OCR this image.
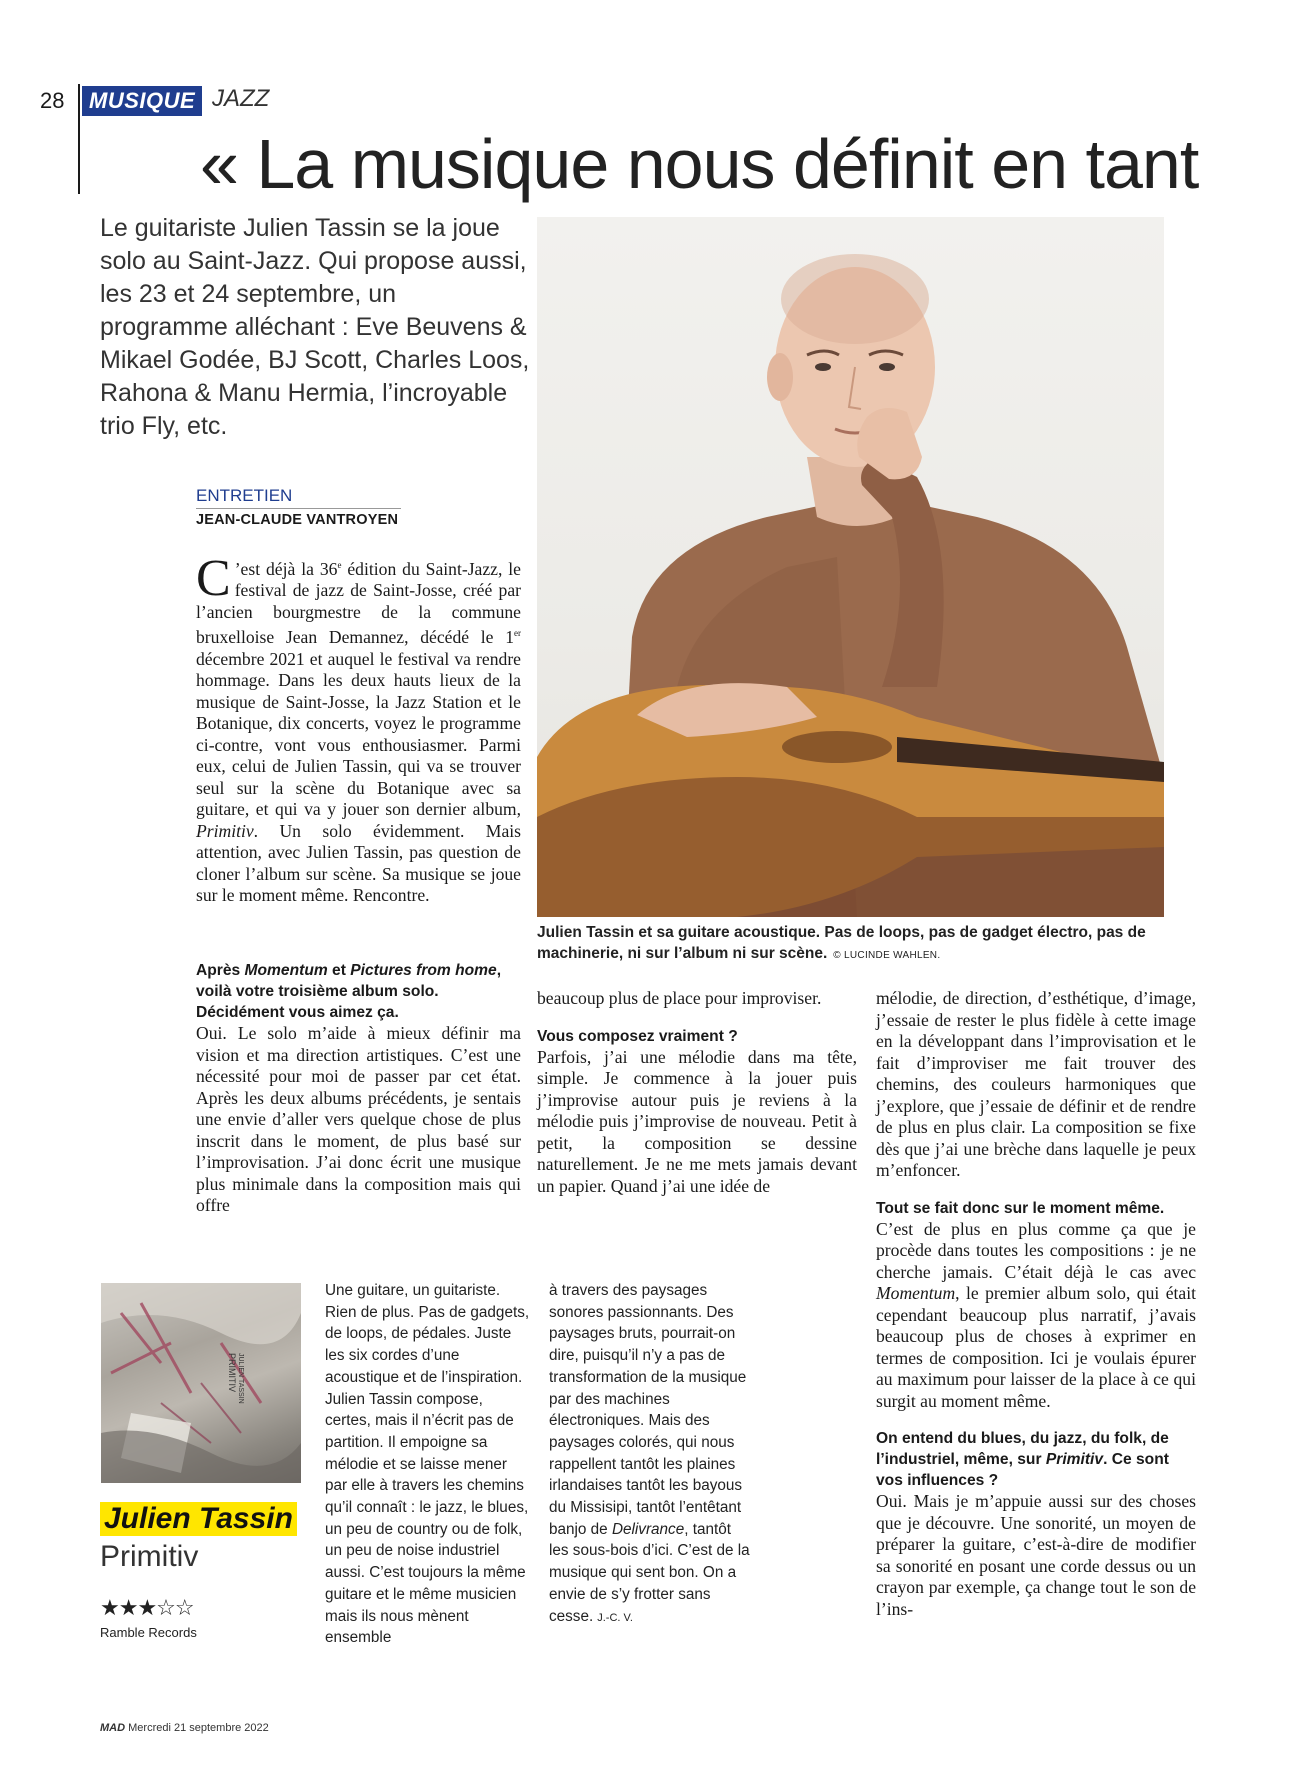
28	MUSIQUE JAZZ
« La musique nous définit en tant
Le guitariste Julien Tassin se la joue solo au Saint-Jazz. Qui propose aussi, les 23 et 24 septembre, un programme alléchant : Eve Beuvens & Mikael Godée, BJ Scott, Charles Loos, Rahona & Manu Hermia, l’incroyable trio Fly, etc.
Julien Tassin et sa guitare acoustique. Pas de loops, pas de gadget électro, pas de machinerie, ni sur l’album ni sur scène. © LUCINDE WAHLEN.
ENTRETIEN
JEAN-CLAUDE VANTROYEN
C ’est déjà la 36e édition du Saint-Jazz, le festival de jazz de Saint-Josse, créé par l’ancien bourgmestre de la commune bruxelloise Jean Demannez, décédé le 1er décembre 2021 et auquel le festival va rendre hommage. Dans les deux hauts lieux de la musique de Saint-Josse, la Jazz Station et le Botanique, dix concerts, voyez le programme ci-contre, vont vous enthousiasmer. Parmi eux, celui de Julien Tassin, qui va se trouver seul sur la scène du Botanique avec sa guitare, et qui va y jouer son dernier album, Primitiv. Un solo évidemment. Mais attention, avec Julien Tassin, pas question de cloner l’album sur scène. Sa musique se joue sur le moment même. Rencontre.
Après Momentum et Pictures from home, voilà votre troisième album solo. Décidément vous aimez ça.

Oui. Le solo m’aide à mieux définir ma vision et ma direction artistiques. C’est une nécessité pour moi de passer par cet état. Après les deux albums précédents, je sentais une envie d’aller vers quelque chose de plus inscrit dans le moment, de plus basé sur l’improvisation. J’ai donc écrit une musique plus minimale dans la composition mais qui offre

beaucoup plus de place pour improviser.

Vous composez vraiment ?

Parfois, j’ai une mélodie dans ma tête, simple. Je commence à la jouer puis j’improvise autour puis je reviens à la mélodie puis j’improvise de nouveau. Petit à petit, la composition se dessine naturellement. Je ne me mets jamais devant un papier. Quand j’ai une idée de

mélodie, de direction, d’esthétique, d’image, j’essaie de rester le plus fidèle à cette image en la développant dans l’improvisation et le fait d’improviser me fait trouver des chemins, des couleurs harmoniques que j’explore, que j’essaie de définir et de rendre de plus en plus clair. La composition se fixe dès que j’ai une brèche dans laquelle je peux m’enfoncer.

Tout se fait donc sur le moment même.

C’est de plus en plus comme ça que je procède dans toutes les compositions : je ne cherche jamais. C’était déjà le cas avec Momentum, le premier album solo, qui était cependant beaucoup plus narratif, j’avais beaucoup plus de choses à exprimer en termes de composition. Ici je voulais épurer au maximum pour laisser de la place à ce qui surgit au moment même.

On entend du blues, du jazz, du folk, de l’industriel, même, sur Primitiv. Ce sont vos influences ?

Oui. Mais je m’appuie aussi sur des choses que je découvre. Une sonorité, un moyen de préparer la guitare, c’est-à-dire de modifier sa sonorité en posant une corde dessus ou un crayon par exemple, ça change tout le son de l’ins-

JULIEN TASSIN
PRIMITIV
Julien Tassin
Primitiv
★★★☆☆
Ramble Records
Une guitare, un guitariste. Rien de plus. Pas de gadgets, de loops, de pédales. Juste les six cordes d’une acoustique et de l’inspiration. Julien Tassin compose, certes, mais il n’écrit pas de partition. Il empoigne sa mélodie et se laisse mener par elle à travers les chemins qu’il connaît : le jazz, le blues, un peu de country ou de folk, un peu de noise industriel aussi. C’est toujours la même guitare et le même musicien mais ils nous mènent ensemble
à travers des paysages sonores passionnants. Des paysages bruts, pourrait-on dire, puisqu’il n’y a pas de transformation de la musique par des machines électroniques. Mais des paysages colorés, qui nous rappellent tantôt les plaines irlandaises tantôt les bayous du Missisipi, tantôt l’entêtant banjo de Delivrance, tantôt les sous-bois d’ici. C’est de la musique qui sent bon. On a envie de s’y frotter sans cesse. J.-C. V.
MAD Mercredi 21 septembre 2022
